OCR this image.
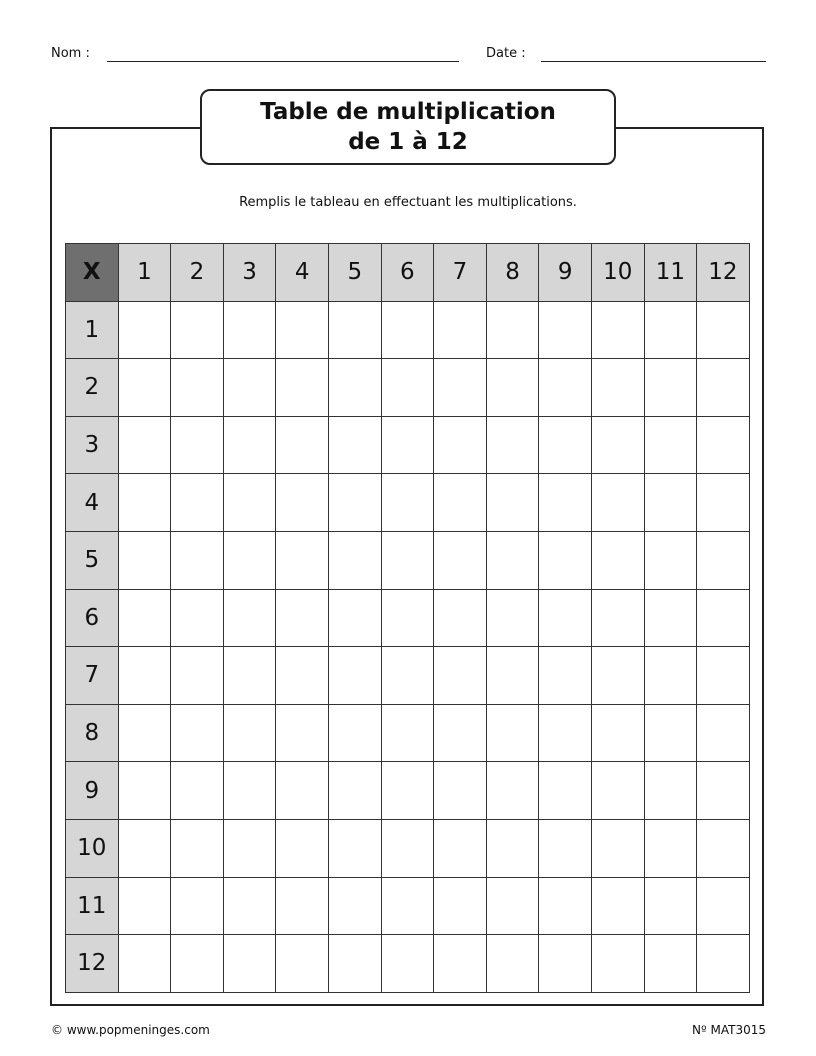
Nom :	Date :
Table de multiplication
de 1 à 12
Remplis le tableau en effectuant les multiplications.
X	1	2	3	4	5	6	7	8	9	10	11	12
1												
2												
3												
4												
5												
6												
7												
8												
9												
10												
11												
12												
© www.popmeninges.com	Nº MAT3015
